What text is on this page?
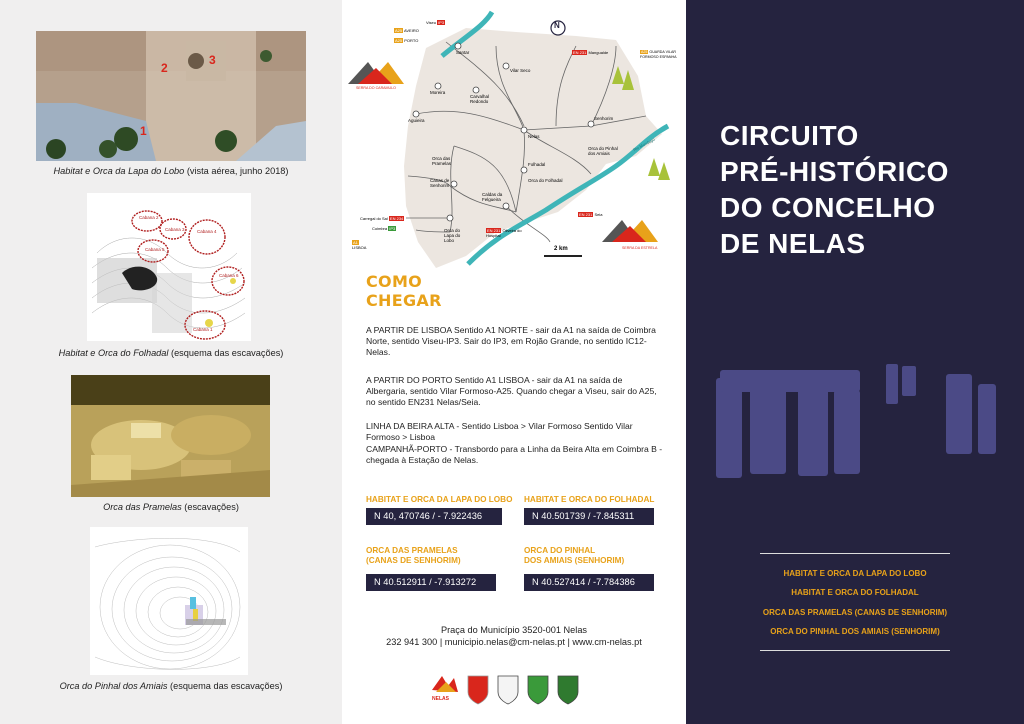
1
2
3
Habitat e Orca da Lapa do Lobo (vista aérea, junho 2018)
Cabana 2
Cabana 3	Cabana 4
Cabana 5
Cabana 6
Cabana 1
Habitat e Orca do Folhadal (esquema das escavações)
Orca das Pramelas (escavações)
Orca do Pinhal dos Amiais (esquema das escavações)
N
2 km
SERRA DO CARAMULO
SERRA DA ESTRELA
Rio Mondego
Santar
Vilar Seco
Moreira
Carvalhal Redondo
Aguieira
Nelas
Senhorim
Orca das Pramelas	Folhadal
Orca do Pinhal dos Amiais
Canas de Senhorim
Orca do Folhadal
Caldas da Felgueira
Orca do Lapa do Lobo
A25 AVEIRO
A25 PORTO
EN 231 Mangualde	A25 GUARDA VILAR FORMOSO ESPANHA
Viseu IP3
Carregal do Sal EN 234
Coimbra IP3
A1 LISBOA
EN 231 Seia
EN 231 Oliveira do Hospital
COMO
CHEGAR
A PARTIR DE LISBOA Sentido A1 NORTE - sair da A1 na saída de Coimbra Norte, sentido Viseu-IP3. Sair do IP3, em Rojão Grande, no sentido IC12-Nelas.
A PARTIR DO PORTO Sentido A1 LISBOA - sair da A1 na saída de Albergaria, sentido Vilar Formoso-A25. Quando chegar a Viseu, sair do A25, no sentido EN231 Nelas/Seia.
LINHA DA BEIRA ALTA - Sentido Lisboa > Vilar Formoso Sentido Vilar Formoso > Lisboa
CAMPANHÃ-PORTO - Transbordo para a Linha da Beira Alta em Coimbra B - chegada à Estação de Nelas.
HABITAT E ORCA DA LAPA DO LOBO
N 40, 470746 / - 7.922436
HABITAT E ORCA DO FOLHADAL
N 40.501739 / -7.845311
ORCA DAS PRAMELAS
(CANAS DE SENHORIM)
N 40.512911 / -7.913272
ORCA DO PINHAL
DOS AMIAIS (SENHORIM)
N 40.527414 / -7.784386
Praça do Município 3520-001 Nelas
232 941 300 | municipio.nelas@cm-nelas.pt | www.cm-nelas.pt
NELAS
CIRCUITO
PRÉ-HISTÓRICO
DO CONCELHO
DE NELAS
HABITAT E ORCA DA LAPA DO LOBO
HABITAT E ORCA DO FOLHADAL
ORCA DAS PRAMELAS (CANAS DE SENHORIM)
ORCA DO PINHAL DOS AMIAIS (SENHORIM)
